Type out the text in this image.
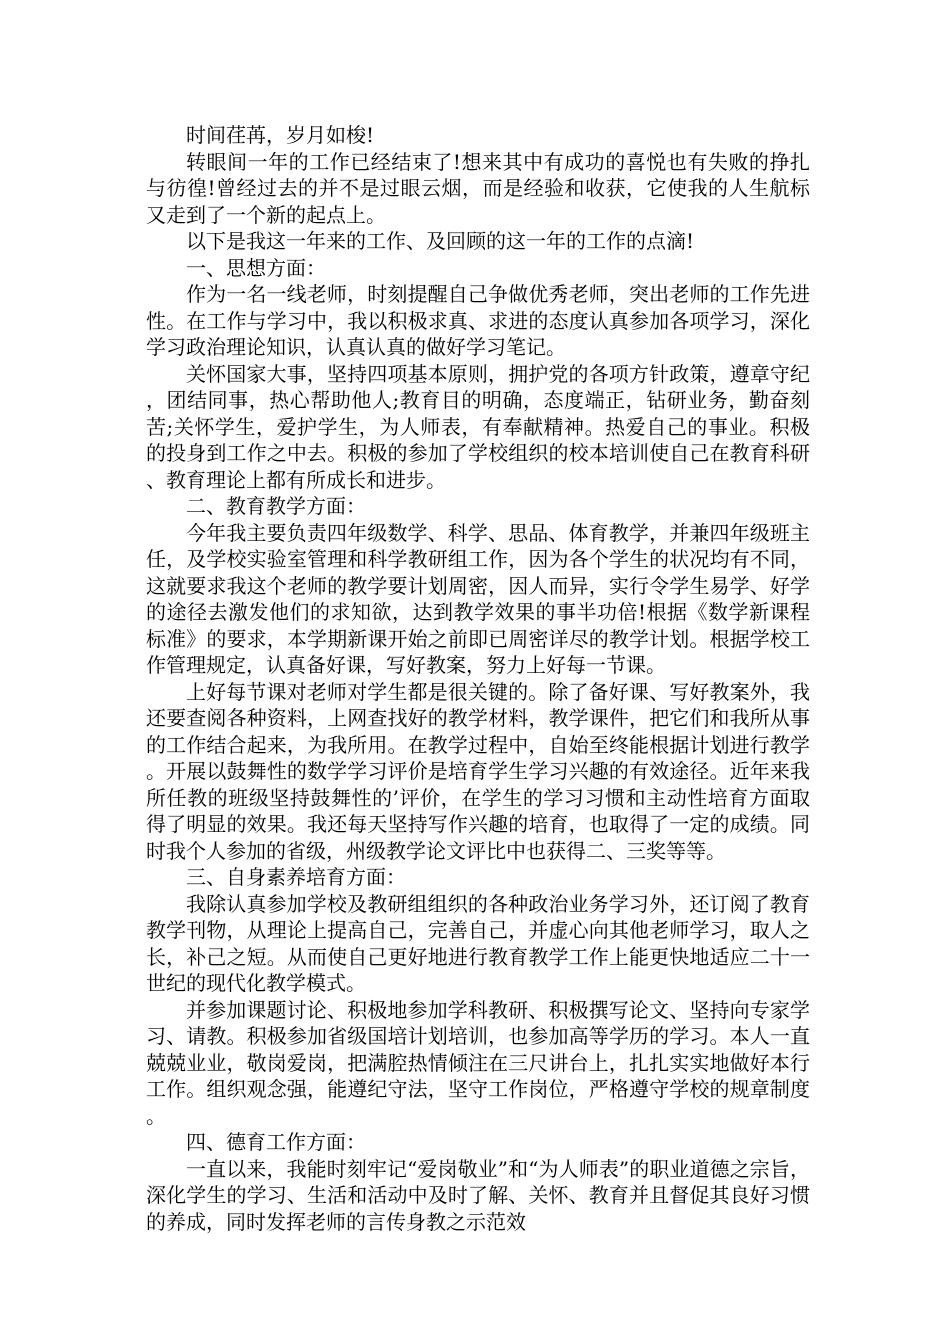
时间荏苒，岁月如梭!

转眼间一年的工作已经结束了!想来其中有成功的喜悦也有失败的挣扎与彷徨!曾经过去的并不是过眼云烟，而是经验和收获，它使我的人生航标又走到了一个新的起点上。

以下是我这一年来的工作、及回顾的这一年的工作的点滴!

一、思想方面：

作为一名一线老师，时刻提醒自己争做优秀老师，突出老师的工作先进性。在工作与学习中，我以积极求真、求进的态度认真参加各项学习，深化学习政治理论知识，认真认真的做好学习笔记。

关怀国家大事，坚持四项基本原则，拥护党的各项方针政策，遵章守纪，团结同事，热心帮助他人;教育目的明确，态度端正，钻研业务，勤奋刻苦;关怀学生，爱护学生，为人师表，有奉献精神。热爱自己的事业。积极的投身到工作之中去。积极的参加了学校组织的校本培训使自己在教育科研、教育理论上都有所成长和进步。

二、教育教学方面：

今年我主要负责四年级数学、科学、思品、体育教学，并兼四年级班主任，及学校实验室管理和科学教研组工作，因为各个学生的状况均有不同，这就要求我这个老师的教学要计划周密，因人而异，实行令学生易学、好学的途径去激发他们的求知欲，达到教学效果的事半功倍!根据《数学新课程标准》的要求，本学期新课开始之前即已周密详尽的教学计划。根据学校工作管理规定，认真备好课，写好教案，努力上好每一节课。

上好每节课对老师对学生都是很关键的。除了备好课、写好教案外，我还要查阅各种资料，上网查找好的教学材料，教学课件，把它们和我所从事的工作结合起来，为我所用。在教学过程中，自始至终能根据计划进行教学。开展以鼓舞性的数学学习评价是培育学生学习兴趣的有效途径。近年来我所任教的班级坚持鼓舞性的’评价，在学生的学习习惯和主动性培育方面取得了明显的效果。我还每天坚持写作兴趣的培育，也取得了一定的成绩。同时我个人参加的省级，州级教学论文评比中也获得二、三奖等等。

三、自身素养培育方面：

我除认真参加学校及教研组组织的各种政治业务学习外，还订阅了教育教学刊物，从理论上提高自己，完善自己，并虚心向其他老师学习，取人之长，补己之短。从而使自己更好地进行教育教学工作上能更快地适应二十一世纪的现代化教学模式。

并参加课题讨论、积极地参加学科教研、积极撰写论文、坚持向专家学习、请教。积极参加省级国培计划培训，也参加高等学历的学习。本人一直兢兢业业，敬岗爱岗，把满腔热情倾注在三尺讲台上，扎扎实实地做好本行工作。组织观念强，能遵纪守法，坚守工作岗位，严格遵守学校的规章制度。

四、德育工作方面：

一直以来，我能时刻牢记“爱岗敬业”和“为人师表”的职业道德之宗旨，深化学生的学习、生活和活动中及时了解、关怀、教育并且督促其良好习惯的养成，同时发挥老师的言传身教之示范效
